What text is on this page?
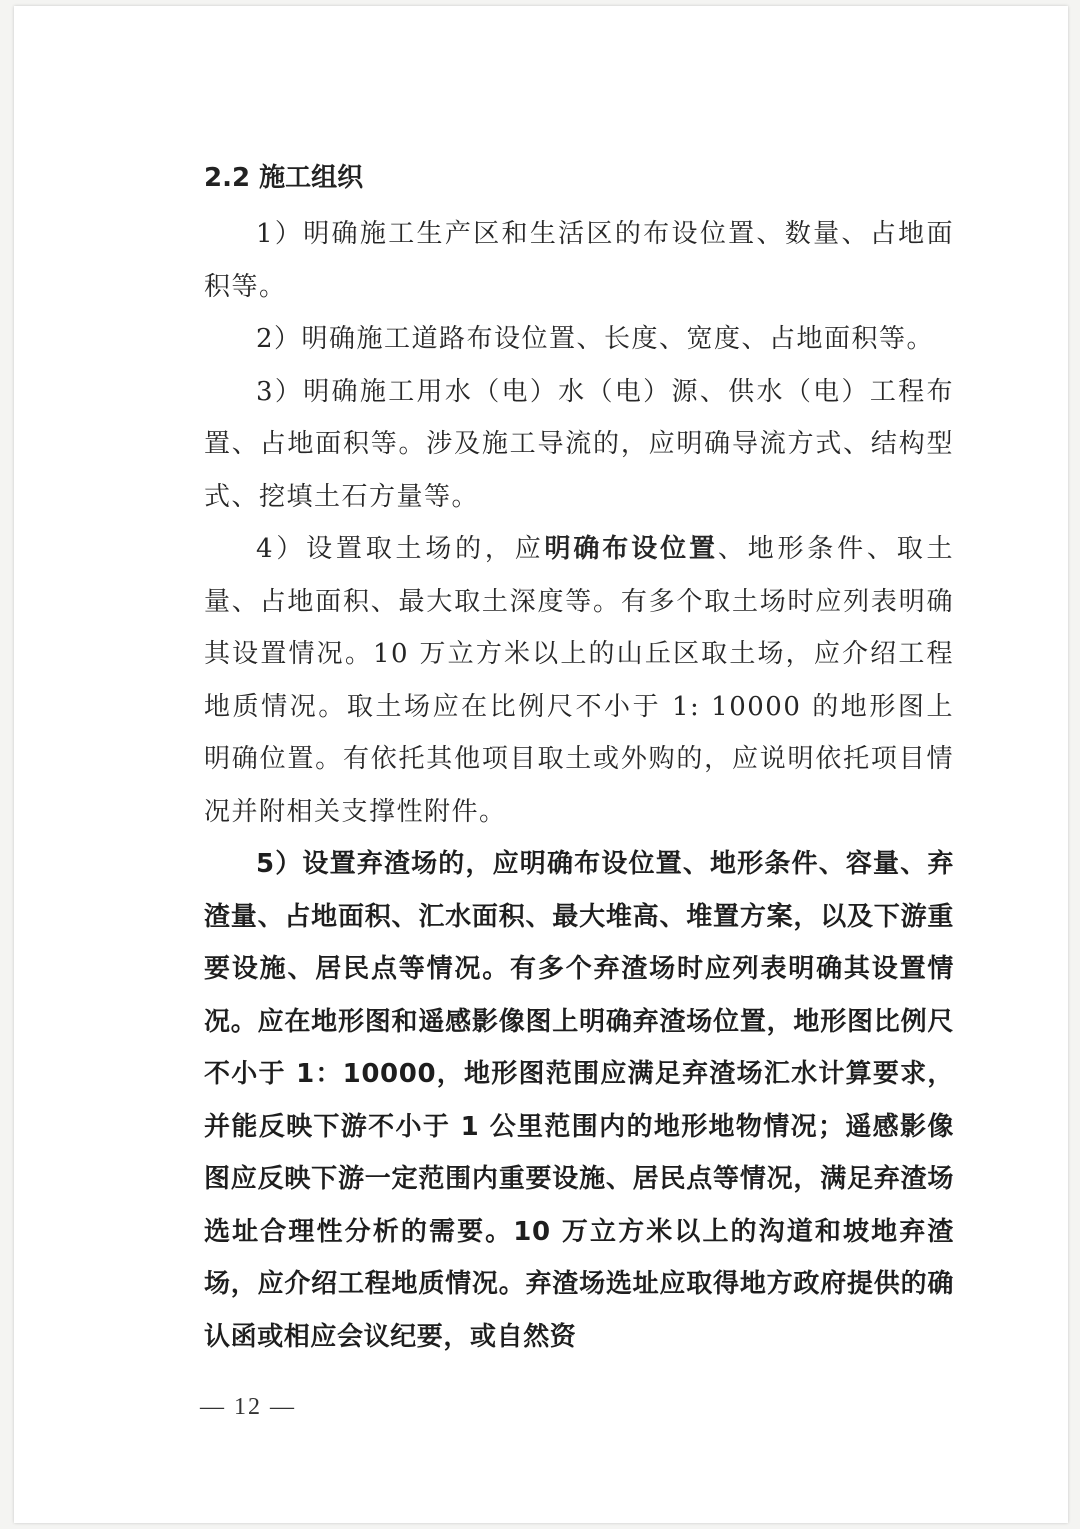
2.2 施工组织

1）明确施工生产区和生活区的布设位置、数量、占地面积等。

2）明确施工道路布设位置、长度、宽度、占地面积等。

3）明确施工用水（电）水（电）源、供水（电）工程布置、占地面积等。涉及施工导流的，应明确导流方式、结构型式、挖填土石方量等。

4）设置取土场的，应明确布设位置、地形条件、取土量、占地面积、最大取土深度等。有多个取土场时应列表明确其设置情况。10 万立方米以上的山丘区取土场，应介绍工程地质情况。取土场应在比例尺不小于 1: 10000 的地形图上明确位置。有依托其他项目取土或外购的，应说明依托项目情况并附相关支撑性附件。

5）设置弃渣场的，应明确布设位置、地形条件、容量、弃渣量、占地面积、汇水面积、最大堆高、堆置方案，以及下游重要设施、居民点等情况。有多个弃渣场时应列表明确其设置情况。应在地形图和遥感影像图上明确弃渣场位置，地形图比例尺不小于 1：10000，地形图范围应满足弃渣场汇水计算要求，并能反映下游不小于 1 公里范围内的地形地物情况；遥感影像图应反映下游一定范围内重要设施、居民点等情况，满足弃渣场选址合理性分析的需要。10 万立方米以上的沟道和坡地弃渣场，应介绍工程地质情况。弃渣场选址应取得地方政府提供的确认函或相应会议纪要，或自然资

— 12 —
